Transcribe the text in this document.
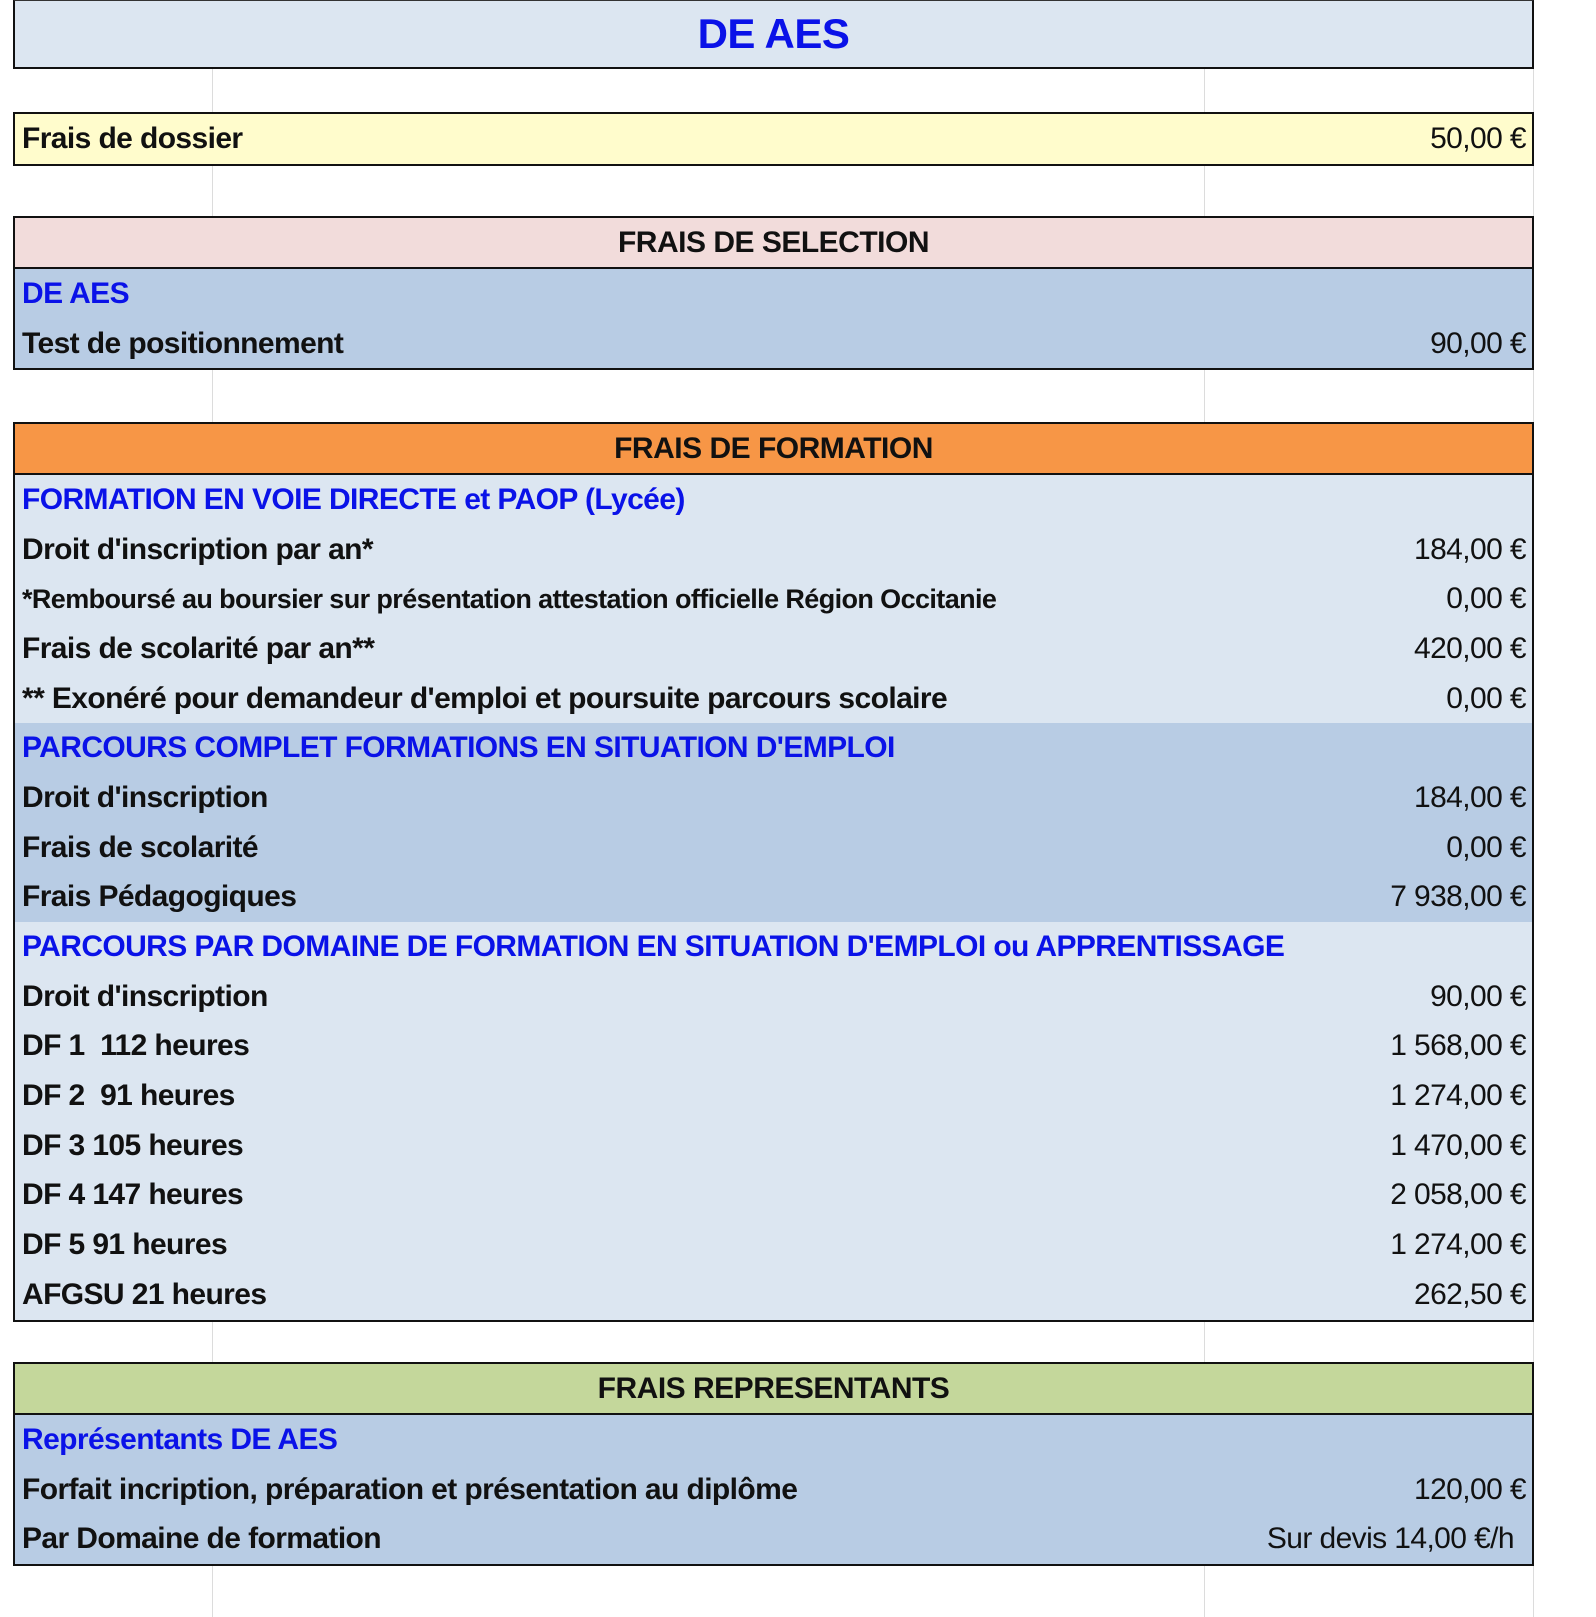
DE AES
Frais de dossier	50,00 €
FRAIS DE SELECTION
DE AES
Test de positionnement	90,00 €
FRAIS DE FORMATION
FORMATION EN VOIE DIRECTE et PAOP (Lycée)
Droit d'inscription par an*	184,00 €
*Remboursé au boursier sur présentation attestation officielle Région Occitanie	0,00 €
Frais de scolarité par an**	420,00 €
** Exonéré pour demandeur d'emploi et poursuite parcours scolaire	0,00 €
PARCOURS COMPLET FORMATIONS EN SITUATION D'EMPLOI
Droit d'inscription	184,00 €
Frais de scolarité	0,00 €
Frais Pédagogiques	7 938,00 €
PARCOURS PAR DOMAINE DE FORMATION EN SITUATION D'EMPLOI ou APPRENTISSAGE
Droit d'inscription	90,00 €
DF 1  112 heures	1 568,00 €
DF 2  91 heures	1 274,00 €
DF 3 105 heures	1 470,00 €
DF 4 147 heures	2 058,00 €
DF 5 91 heures	1 274,00 €
AFGSU 21 heures	262,50 €
FRAIS REPRESENTANTS
Représentants DE AES
Forfait incription, préparation et présentation au diplôme	120,00 €
Par Domaine de formation	Sur devis 14,00 €/h
